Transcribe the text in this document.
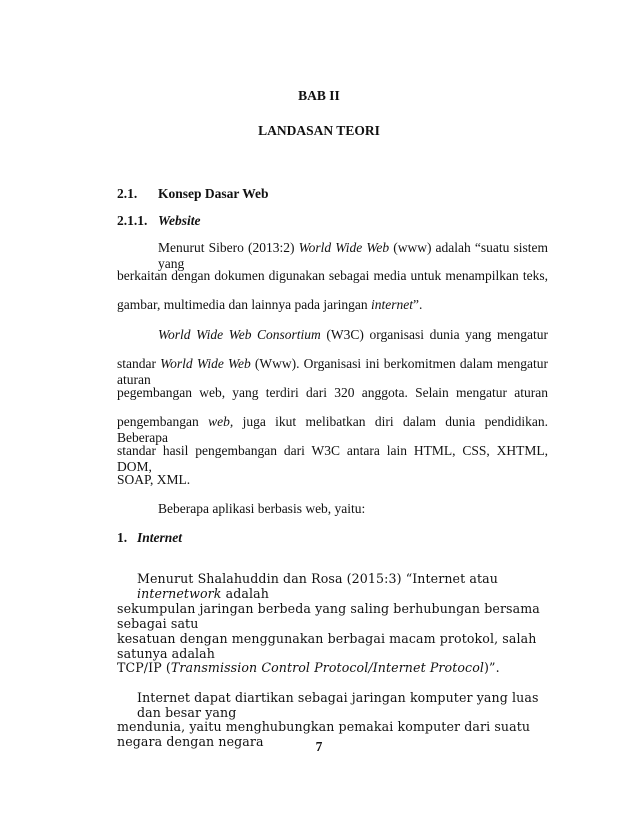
BAB II
LANDASAN TEORI
2.1. Konsep Dasar Web
2.1.1. Website
Menurut Sibero (2013:2) World Wide Web (www) adalah “suatu sistem yang
berkaitan dengan dokumen digunakan sebagai media untuk menampilkan teks,
gambar, multimedia dan lainnya pada jaringan internet”.
World Wide Web Consortium (W3C) organisasi dunia yang mengatur
standar World Wide Web (Www). Organisasi ini berkomitmen dalam mengatur aturan
pegembangan web, yang terdiri dari 320 anggota. Selain mengatur aturan
pengembangan web, juga ikut melibatkan diri dalam dunia pendidikan. Beberapa
standar hasil pengembangan dari W3C antara lain HTML, CSS, XHTML, DOM,
SOAP, XML.
Beberapa aplikasi berbasis web, yaitu:
1. Internet
Menurut Shalahuddin dan Rosa (2015:3) “Internet atau internetwork adalah
sekumpulan jaringan berbeda yang saling berhubungan bersama sebagai satu
kesatuan dengan menggunakan berbagai macam protokol, salah satunya adalah
TCP/IP (Transmission Control Protocol/Internet Protocol)”.
Internet dapat diartikan sebagai jaringan komputer yang luas dan besar yang
mendunia, yaitu menghubungkan pemakai komputer dari suatu negara dengan negara	7
